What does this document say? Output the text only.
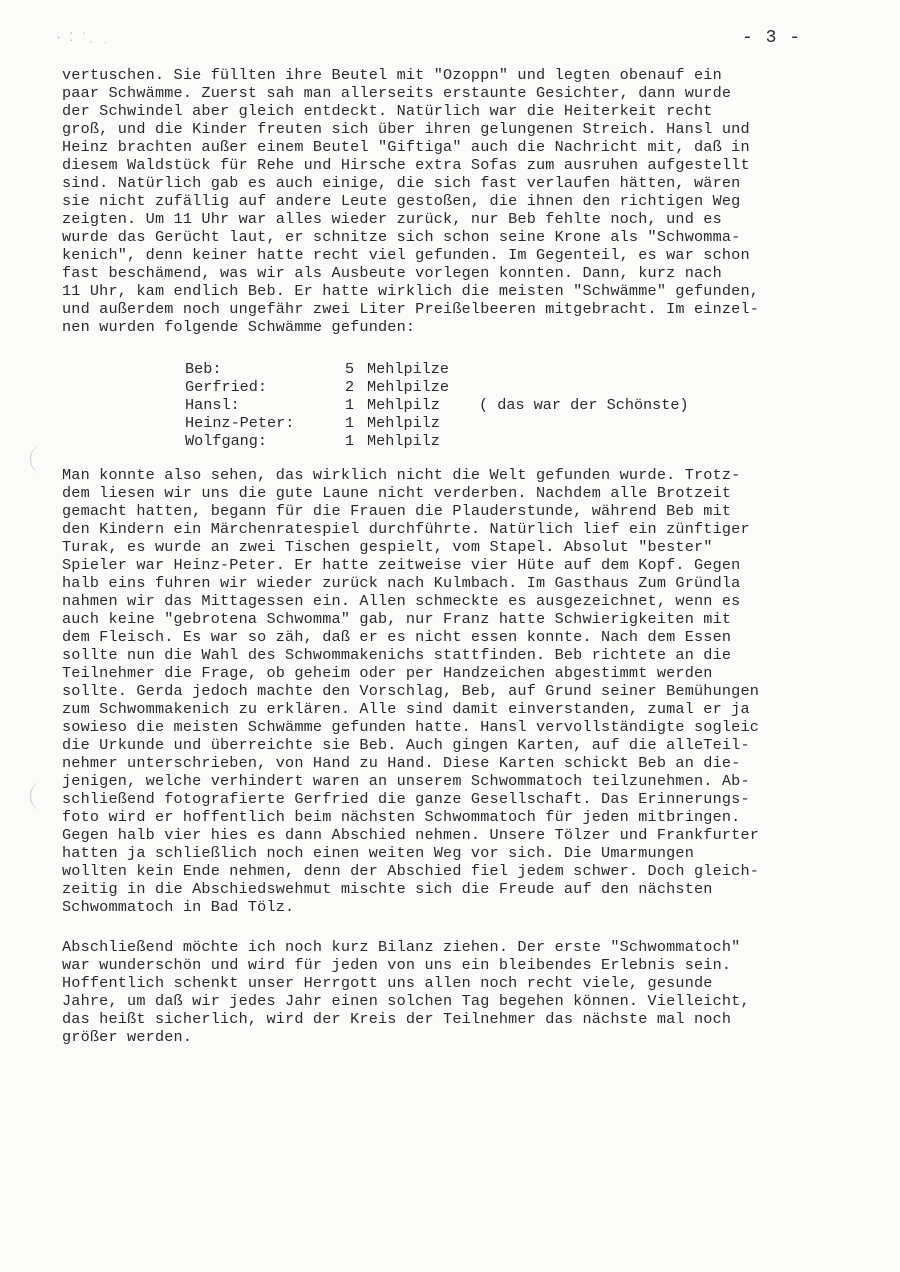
· ⁚ ˈ ̣ ˌ	- 3 -
vertuschen. Sie füllten ihre Beutel mit "Ozoppn" und legten obenauf ein
paar Schwämme. Zuerst sah man allerseits erstaunte Gesichter, dann wurde
der Schwindel aber gleich entdeckt. Natürlich war die Heiterkeit recht
groß, und die Kinder freuten sich über ihren gelungenen Streich. Hansl und
Heinz brachten außer einem Beutel "Giftiga" auch die Nachricht mit, daß in
diesem Waldstück für Rehe und Hirsche extra Sofas zum ausruhen aufgestellt
sind. Natürlich gab es auch einige, die sich fast verlaufen hätten, wären
sie nicht zufällig auf andere Leute gestoßen, die ihnen den richtigen Weg
zeigten. Um 11 Uhr war alles wieder zurück, nur Beb fehlte noch, und es
wurde das Gerücht laut, er schnitze sich schon seine Krone als "Schwomma-
kenich", denn keiner hatte recht viel gefunden. Im Gegenteil, es war schon
fast beschämend, was wir als Ausbeute vorlegen konnten. Dann, kurz nach
11 Uhr, kam endlich Beb. Er hatte wirklich die meisten "Schwämme" gefunden,
und außerdem noch ungefähr zwei Liter Preißelbeeren mitgebracht. Im einzel-
nen wurden folgende Schwämme gefunden:
Beb:	5 Mehlpilze
Gerfried:	2 Mehlpilze
Hansl:	1 Mehlpilz	( das war der Schönste)
Heinz-Peter:	1 Mehlpilz
Wolfgang:	1 Mehlpilz
Man konnte also sehen, das wirklich nicht die Welt gefunden wurde. Trotz-
dem liesen wir uns die gute Laune nicht verderben. Nachdem alle Brotzeit
gemacht hatten, begann für die Frauen die Plauderstunde, während Beb mit
den Kindern ein Märchenratespiel durchführte. Natürlich lief ein zünftiger
Turak, es wurde an zwei Tischen gespielt, vom Stapel. Absolut "bester"
Spieler war Heinz-Peter. Er hatte zeitweise vier Hüte auf dem Kopf. Gegen
halb eins fuhren wir wieder zurück nach Kulmbach. Im Gasthaus Zum Gründla
nahmen wir das Mittagessen ein. Allen schmeckte es ausgezeichnet, wenn es
auch keine "gebrotena Schwomma" gab, nur Franz hatte Schwierigkeiten mit
dem Fleisch. Es war so zäh, daß er es nicht essen konnte. Nach dem Essen
sollte nun die Wahl des Schwommakenichs stattfinden. Beb richtete an die
Teilnehmer die Frage, ob geheim oder per Handzeichen abgestimmt werden
sollte. Gerda jedoch machte den Vorschlag, Beb, auf Grund seiner Bemühungen
zum Schwommakenich zu erklären. Alle sind damit einverstanden, zumal er ja
sowieso die meisten Schwämme gefunden hatte. Hansl vervollständigte sogleic
die Urkunde und überreichte sie Beb. Auch gingen Karten, auf die alleTeil-
nehmer unterschrieben, von Hand zu Hand. Diese Karten schickt Beb an die-
jenigen, welche verhindert waren an unserem Schwommatoch teilzunehmen. Ab-
schließend fotografierte Gerfried die ganze Gesellschaft. Das Erinnerungs-
foto wird er hoffentlich beim nächsten Schwommatoch für jeden mitbringen.
Gegen halb vier hies es dann Abschied nehmen. Unsere Tölzer und Frankfurter
hatten ja schließlich noch einen weiten Weg vor sich. Die Umarmungen
wollten kein Ende nehmen, denn der Abschied fiel jedem schwer. Doch gleich-
zeitig in die Abschiedswehmut mischte sich die Freude auf den nächsten
Schwommatoch in Bad Tölz.
Abschließend möchte ich noch kurz Bilanz ziehen. Der erste "Schwommatoch"
war wunderschön und wird für jeden von uns ein bleibendes Erlebnis sein.
Hoffentlich schenkt unser Herrgott uns allen noch recht viele, gesunde
Jahre, um daß wir jedes Jahr einen solchen Tag begehen können. Vielleicht,
das heißt sicherlich, wird der Kreis der Teilnehmer das nächste mal noch
größer werden.
